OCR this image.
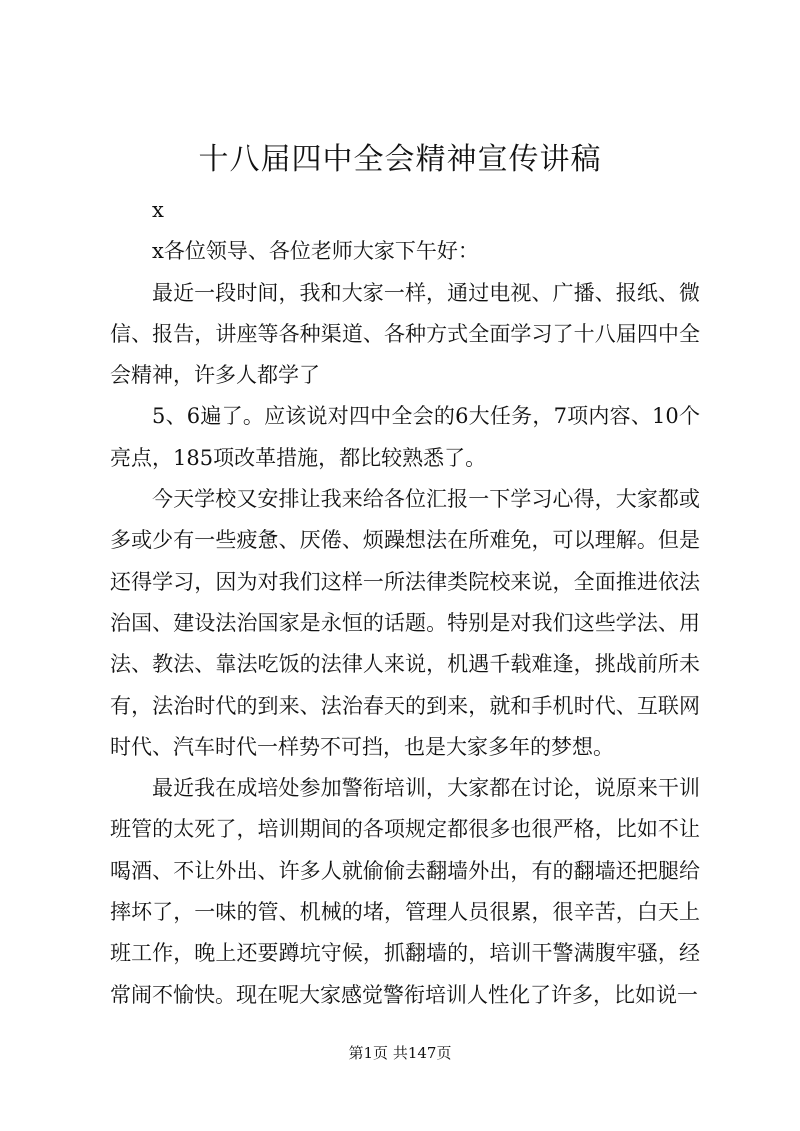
十八届四中全会精神宣传讲稿

x

x各位领导、各位老师大家下午好：

最近一段时间，我和大家一样，通过电视、广播、报纸、微信、报告，讲座等各种渠道、各种方式全面学习了十八届四中全会精神，许多人都学了

5、6遍了。应该说对四中全会的6大任务，7项内容、10个亮点，185项改革措施，都比较熟悉了。

今天学校又安排让我来给各位汇报一下学习心得，大家都或多或少有一些疲惫、厌倦、烦躁想法在所难免，可以理解。但是还得学习，因为对我们这样一所法律类院校来说，全面推进依法治国、建设法治国家是永恒的话题。特别是对我们这些学法、用法、教法、靠法吃饭的法律人来说，机遇千载难逢，挑战前所未有，法治时代的到来、法治春天的到来，就和手机时代、互联网时代、汽车时代一样势不可挡，也是大家多年的梦想。

最近我在成培处参加警衔培训，大家都在讨论，说原来干训班管的太死了，培训期间的各项规定都很多也很严格，比如不让喝酒、不让外出、许多人就偷偷去翻墙外出，有的翻墙还把腿给摔坏了，一味的管、机械的堵，管理人员很累，很辛苦，白天上班工作，晚上还要蹲坑守候，抓翻墙的，培训干警满腹牢骚，经常闹不愉快。现在呢大家感觉警衔培训人性化了许多，比如说一

第1页 共147页
